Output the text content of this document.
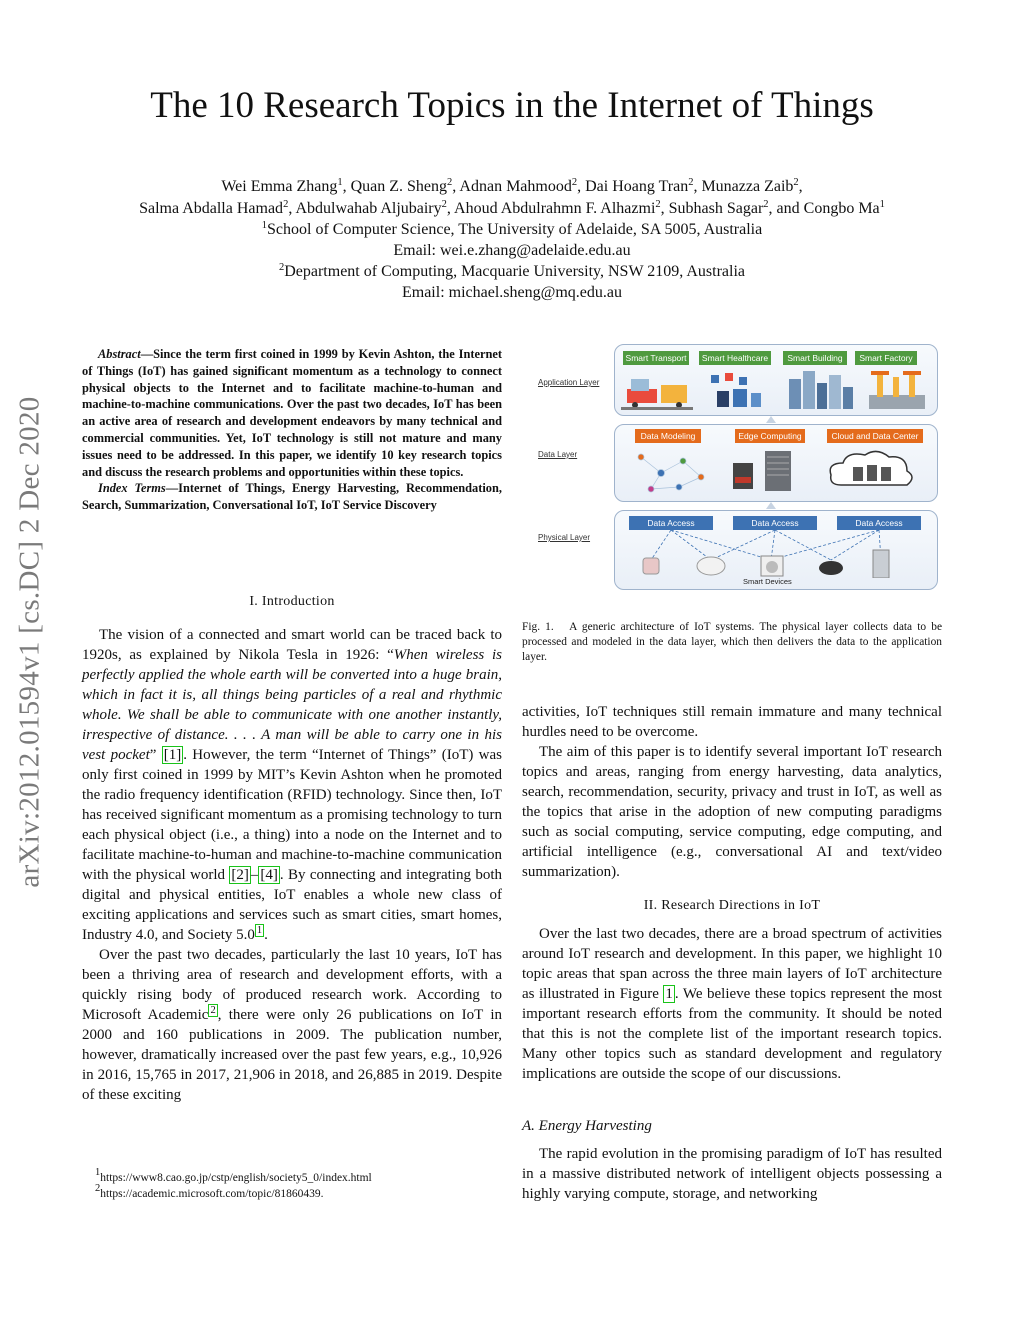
The 10 Research Topics in the Internet of Things
Wei Emma Zhang$^1$, Quan Z. Sheng$^2$, Adnan Mahmood$^2$, Dai Hoang Tran$^2$, Munazza Zaib$^2$,
Salma Abdalla Hamad$^2$, Abdulwahab Aljubairy$^2$, Ahoud Abdulrahmn F. Alhazmi$^2$, Subhash Sagar$^2$, and Congbo Ma$^1$
$^1$School of Computer Science, The University of Adelaide, SA 5005, Australia
Email: wei.e.zhang@adelaide.edu.au
$^2$Department of Computing, Macquarie University, NSW 2109, Australia
Email: michael.sheng@mq.edu.au
arXiv:2012.01594v1 [cs.DC] 2 Dec 2020

Abstract—Since the term first coined in 1999 by Kevin Ashton, the Internet of Things (IoT) has gained significant momentum as a technology to connect physical objects to the Internet and to facilitate machine-to-human and machine-to-machine communications. Over the past two decades, IoT has been an active area of research and development endeavors by many technical and commercial communities. Yet, IoT technology is still not mature and many issues need to be addressed. In this paper, we identify 10 key research topics and discuss the research problems and opportunities within these topics.

Index Terms—Internet of Things, Energy Harvesting, Recommendation, Search, Summarization, Conversational IoT, IoT Service Discovery

I. Introduction

The vision of a connected and smart world can be traced back to 1920s, as explained by Nikola Tesla in 1926: “When wireless is perfectly applied the whole earth will be converted into a huge brain, which in fact it is, all things being particles of a real and rhythmic whole. We shall be able to communicate with one another instantly, irrespective of distance. . . . A man will be able to carry one in his vest pocket” [1] . However, the term “Internet of Things” (IoT) was only first coined in 1999 by MIT’s Kevin Ashton when he promoted the radio frequency identification (RFID) technology. Since then, IoT has received significant momentum as a promising technology to turn each physical object (i.e., a thing) into a node on the Internet and to facilitate machine-to-human and machine-to-machine communication with the physical world [2] – [4] . By connecting and integrating both digital and physical entities, IoT enables a whole new class of exciting applications and services such as smart cities, smart homes, Industry 4.0, and Society 5.0 $^1$ .

Over the past two decades, particularly the last 10 years, IoT has been a thriving area of research and development efforts, with a quickly rising body of produced research work. According to Microsoft Academic $^2$ , there were only 26 publications on IoT in 2000 and 160 publications in 2009. The publication number, however, dramatically increased over the past few years, e.g., 10,926 in 2016, 15,765 in 2017, 21,906 in 2018, and 26,885 in 2019. Despite of these exciting

$^1$https://www8.cao.go.jp/cstp/english/society5_0/index.html
$^2$https://academic.microsoft.com/topic/81860439.
Application Layer
Smart Transport	Smart Healthcare	Smart Building	Smart Factory
Data Layer
Data Modeling	Edge Computing	Cloud and Data Center
Physical Layer
Data Access	Data Access	Data Access
Smart Devices
Fig. 1. A generic architecture of IoT systems. The physical layer collects data to be processed and modeled in the data layer, which then delivers the data to the application layer.

activities, IoT techniques still remain immature and many technical hurdles need to be overcome.

The aim of this paper is to identify several important IoT research topics and areas, ranging from energy harvesting, data analytics, search, recommendation, security, privacy and trust in IoT, as well as the topics that arise in the adoption of new computing paradigms such as social computing, service computing, edge computing, and artificial intelligence (e.g., conversational AI and text/video summarization).

II. Research Directions in IoT

Over the last two decades, there are a broad spectrum of activities around IoT research and development. In this paper, we highlight 10 topic areas that span across the three main layers of IoT architecture as illustrated in Figure 1 . We believe these topics represent the most important research efforts from the community. It should be noted that this is not the complete list of the important research topics. Many other topics such as standard development and regulatory implications are outside the scope of our discussions.

A. Energy Harvesting

The rapid evolution in the promising paradigm of IoT has resulted in a massive distributed network of intelligent objects possessing a highly varying compute, storage, and networking
